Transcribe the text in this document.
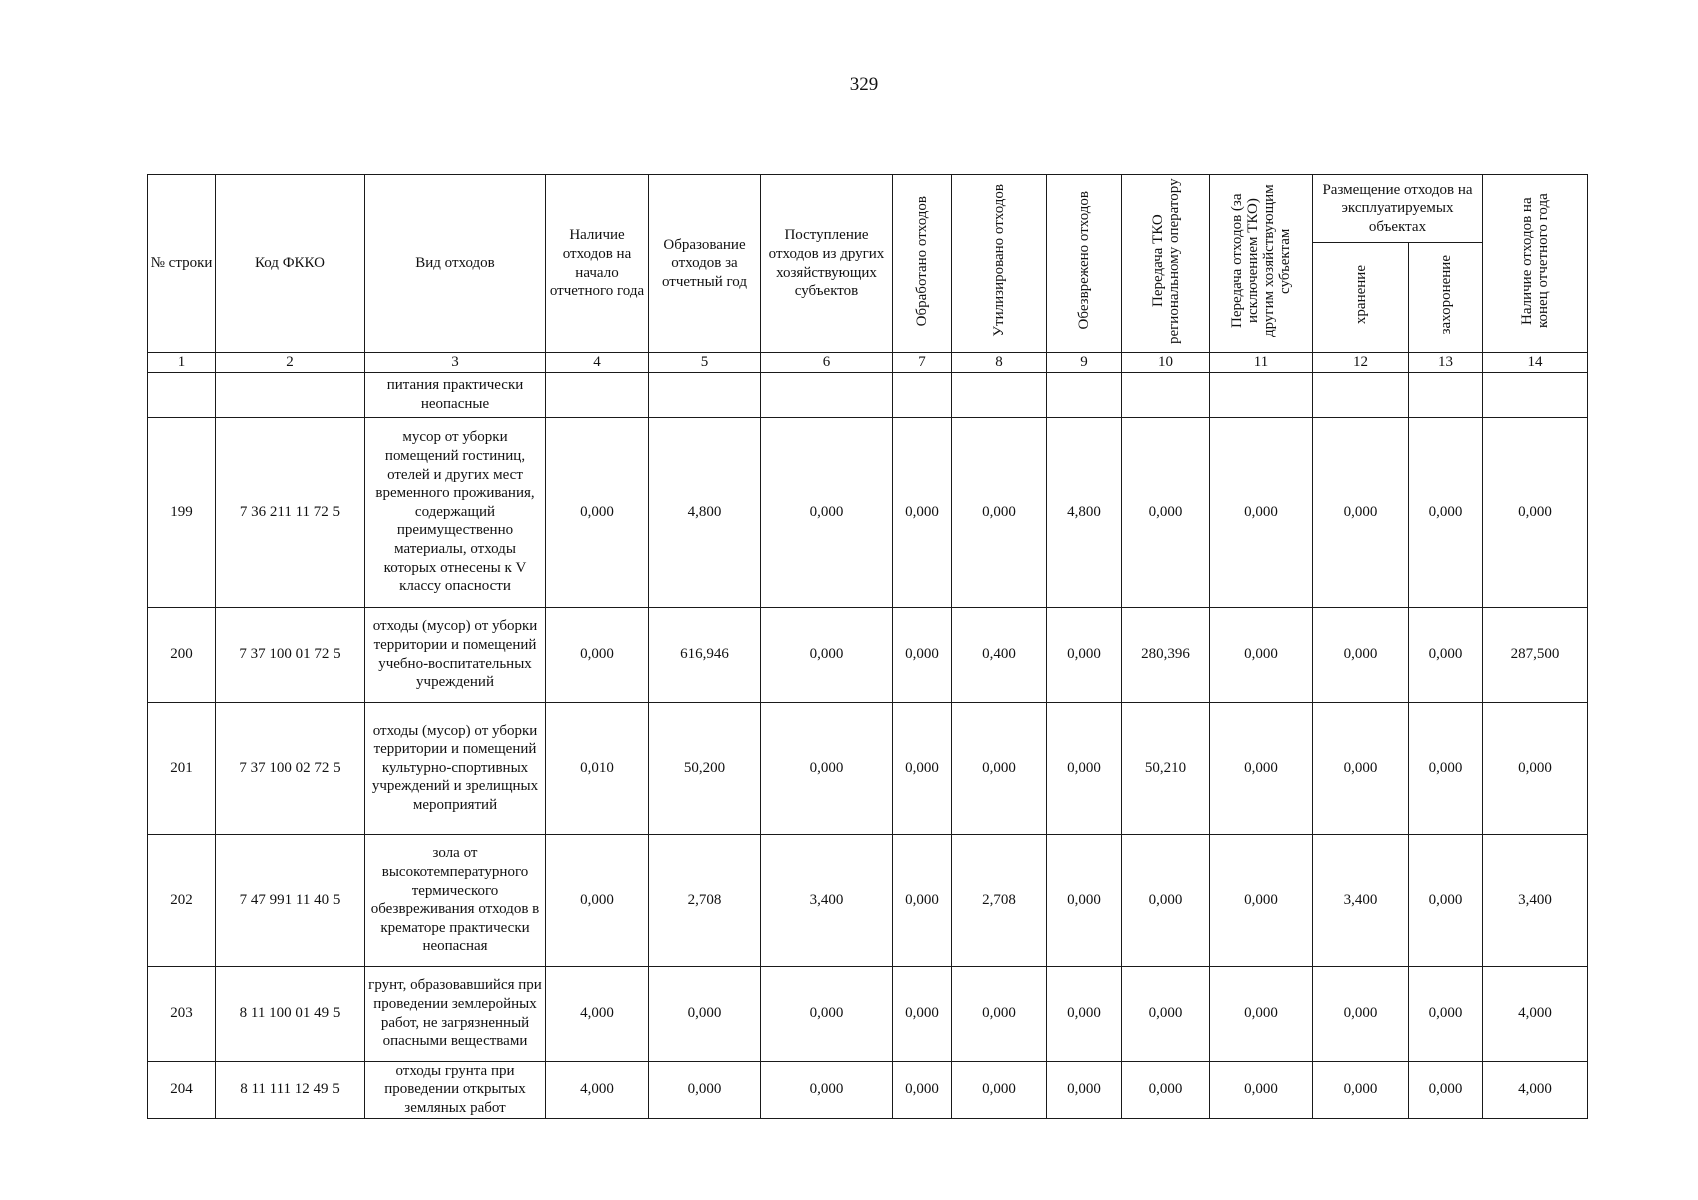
329
№ строки	Код ФККО	Вид отходов	Наличие отходов на начало отчетного года	Образование отходов за отчетный год	Поступление отходов из других хозяйствующих субъектов	Обработано отходов	Утилизировано отходов	Обезврежено отходов	Передача ТКО региональному оператору	Передача отходов (за исключением ТКО) другим хозяйствующим субъектам	Размещение отходов на эксплуатируемых объектах		Наличие отходов на конец отчетного года
											хранение	захоронение	
1	2	3	4	5	6	7	8	9	10	11	12	13	14
		питания практически неопасные											
199	7 36 211 11 72 5	мусор от уборки помещений гостиниц, отелей и других мест временного проживания, содержащий преимущественно материалы, отходы которых отнесены к V классу опасности	0,000	4,800	0,000	0,000	0,000	4,800	0,000	0,000	0,000	0,000	0,000
200	7 37 100 01 72 5	отходы (мусор) от уборки территории и помещений учебно-воспитательных учреждений	0,000	616,946	0,000	0,000	0,400	0,000	280,396	0,000	0,000	0,000	287,500
201	7 37 100 02 72 5	отходы (мусор) от уборки территории и помещений культурно-спортивных учреждений и зрелищных мероприятий	0,010	50,200	0,000	0,000	0,000	0,000	50,210	0,000	0,000	0,000	0,000
202	7 47 991 11 40 5	зола от высокотемпературного термического обезвреживания отходов в крематоре практически неопасная	0,000	2,708	3,400	0,000	2,708	0,000	0,000	0,000	3,400	0,000	3,400
203	8 11 100 01 49 5	грунт, образовавшийся при проведении землеройных работ, не загрязненный опасными веществами	4,000	0,000	0,000	0,000	0,000	0,000	0,000	0,000	0,000	0,000	4,000
204	8 11 111 12 49 5	отходы грунта при проведении открытых земляных работ	4,000	0,000	0,000	0,000	0,000	0,000	0,000	0,000	0,000	0,000	4,000
